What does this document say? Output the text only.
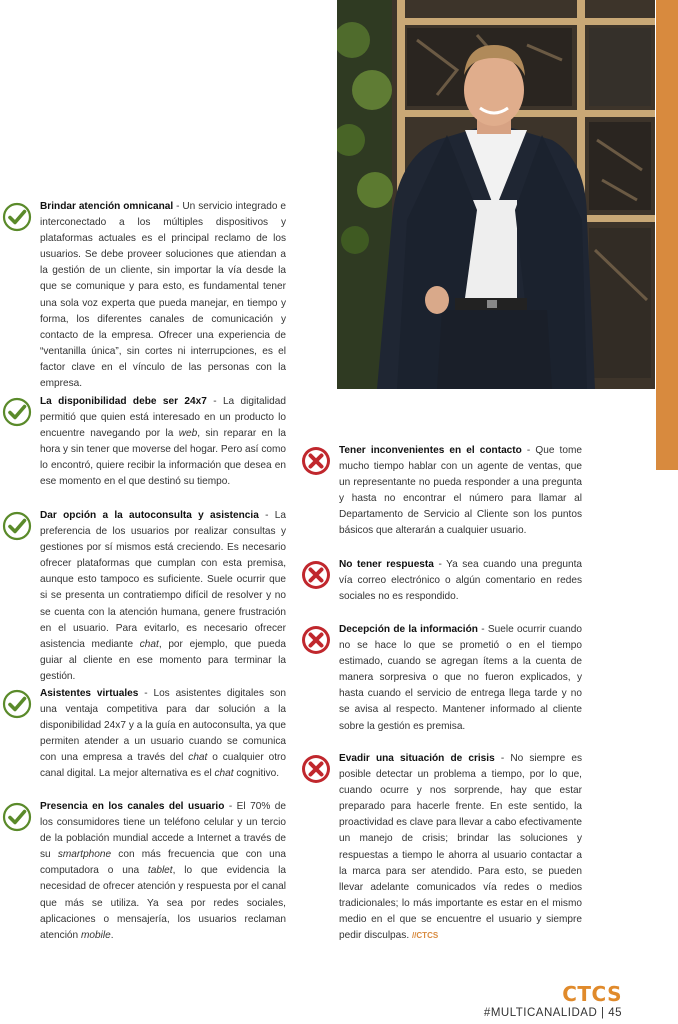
Brindar atención omnicanal - Un servicio integrado e interconectado a los múltiples dispositivos y plataformas actuales es el principal reclamo de los usuarios. Se debe proveer soluciones que atiendan a la gestión de un cliente, sin importar la vía desde la que se comunique y para esto, es fundamental tener una sola voz experta que pueda manejar, en tiempo y forma, los diferentes canales de comunicación y contacto de la empresa. Ofrecer una experiencia de “ventanilla única”, sin cortes ni interrupciones, es el factor clave en el vínculo de las personas con la empresa.

La disponibilidad debe ser 24x7 - La digitalidad permitió que quien está interesado en un producto lo encuentre navegando por la web, sin reparar en la hora y sin tener que moverse del hogar. Pero así como lo encontró, quiere recibir la información que desea en ese momento en el que destinó su tiempo.

Dar opción a la autoconsulta y asistencia - La preferencia de los usuarios por realizar consultas y gestiones por sí mismos está creciendo. Es necesario ofrecer plataformas que cumplan con esta premisa, aunque esto tampoco es suficiente. Suele ocurrir que si se presenta un contratiempo difícil de resolver y no se cuenta con la atención humana, genere frustración en el usuario. Para evitarlo, es necesario ofrecer asistencia mediante chat, por ejemplo, que pueda guiar al cliente en ese momento para terminar la gestión.

Asistentes virtuales - Los asistentes digitales son una ventaja competitiva para dar solución a la disponibilidad 24x7 y a la guía en autoconsulta, ya que permiten atender a un usuario cuando se comunica con una empresa a través del chat o cualquier otro canal digital. La mejor alternativa es el chat cognitivo.

Presencia en los canales del usuario - El 70% de los consumidores tiene un teléfono celular y un tercio de la población mundial accede a Internet a través de su smartphone con más frecuencia que con una computadora o una tablet, lo que evidencia la necesidad de ofrecer atención y respuesta por el canal que más se utiliza. Ya sea por redes sociales, aplicaciones o mensajería, los usuarios reclaman atención mobile.

Tener inconvenientes en el contacto - Que tome mucho tiempo hablar con un agente de ventas, que un representante no pueda responder a una pregunta y hasta no encontrar el número para llamar al Departamento de Servicio al Cliente son los puntos básicos que alterarán a cualquier usuario.

No tener respuesta - Ya sea cuando una pregunta vía correo electrónico o algún comentario en redes sociales no es respondido.

Decepción de la información - Suele ocurrir cuando no se hace lo que se prometió o en el tiempo estimado, cuando se agregan ítems a la cuenta de manera sorpresiva o que no fueron explicados, y hasta cuando el servicio de entrega llega tarde y no se avisa al respecto. Mantener informado al cliente sobre la gestión es premisa.

Evadir una situación de crisis - No siempre es posible detectar un problema a tiempo, por lo que, cuando ocurre y nos sorprende, hay que estar preparado para hacerle frente. En este sentido, la proactividad es clave para llevar a cabo efectivamente un manejo de crisis; brindar las soluciones y respuestas a tiempo le ahorra al usuario contactar a la marca para ser atendido. Para esto, se pueden llevar adelante comunicados vía redes o medios tradicionales; lo más importante es estar en el mismo medio en el que se encuentre el usuario y siempre pedir disculpas. //CTCS

CTCS
#MULTICANALIDAD | 45
